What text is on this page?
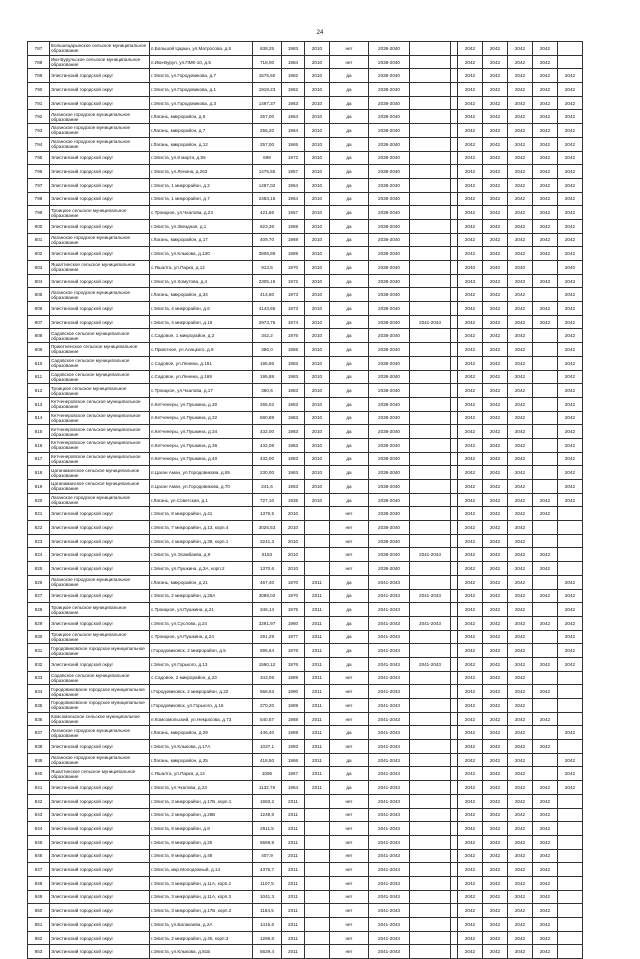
24
787	Большецарынское сельское муниципальное образование	п.Большой Царын, ул.Матросова, д.5	638,25	1983	2010	нет	2038-2040			2042	2042	2042	2042	
788	Ики-Бурульское сельское муниципальное образование	п.Ики-Бурул, ул.ПМК-10, д.5	718,00	1984	2010	нет	2038-2040			2042	2042	2042	2042	
789	Элистинский городской округ	г.Элиста, ул.Городовикова, д.7	1575,60	1982	2010	да	2038-2040			2042	2042	2042	2042	2042
790	Элистинский городской округ	г.Элиста, ул.Городовикова, д.1	1919,23	1962	2010	да	2038-2040			2042	2042	2042	2042	2042
791	Элистинский городской округ	г.Элиста, ул.Городовикова, д.3	1497,37	1963	2010	да	2038-2040			2042	2042	2042	2042	2042
792	Лаганское городское муниципальное образование	г.Лагань, микрорайон, д.6	257,00	1964	2010	да	2038-2040			2042	2042	2042	2042	2042
793	Лаганское городское муниципальное образование	г.Лагань, микрорайон, д.7	256,20	1964	2010	да	2038-2040			2042	2042	2042	2042	2042
794	Лаганское городское муниципальное образование	г.Лагань, микрорайон, д.12	257,00	1965	2010	да	2038-2040			2042	2042	2042	2042	2042
795	Элистинский городской округ	г.Элиста, ул.8 марта, д.55	699	1972	2010	да	2038-2040			2042	2042	2042	2042	2042
796	Элистинский городской округ	г.Элиста, ул.Ленина, д.263	1475,55	1957	2010	да	2038-2040			2042	2042	2042	2042	2042
797	Элистинский городской округ	г.Элиста, 1 микрорайон, д.2	1497,02	1964	2010	да	2038-2040			2042	2042	2042	2042	2042
798	Элистинский городской округ	г.Элиста, 1 микрорайон, д.7	2483,15	1964	2010	да	2038-2040			2042	2042	2042	2042	2042
799	Троицкое сельское муниципальное образование	с.Троицкое, ул.Чкалова, д.23	421,66	1967	2010	да	2038-2040			2042	2042	2042	2042	2042
800	Элистинский городской округ	г.Элиста, ул.Звездная, д.1	623,36	1969	2010	да	2038-2040			2042	2042	2042	2042	2042
801	Лаганское городское муниципальное образование	г.Лагань, микрорайон, д.17	409,70	1969	2010	да	2038-2040			2042	2042	2042	2042	2042
802	Элистинский городской округ	г.Элиста, ул.Клыкова, д.130	3806,89	1969	2010	да	2038-2040			2042	2042	2042	2042	2042
803	Яшалтинское сельское муниципальное образование	с.Яшалта, ул.Парка, д.12	913,5	1970	2010	да	2038-2040			2040	2040	2040		2040
804	Элистинский городской округ	г.Элиста, ул.Хомутова, д.4	2305,16	1972	2010	да	2038-2040			2043	2043	2043	2043	2043
805	Лаганское городское муниципальное образование	г.Лагань, микрорайон, д.34	414,80	1973	2010	да	2038-2040			2042	2042	2042		2042
806	Элистинский городской округ	г.Элиста, 4 микрорайон, д.6	4143,65	1973	2010	да	2038-2040			2042	2042	2042	2042	2042
807	Элистинский городской округ	г.Элиста, 4 микрорайон, д.16	2973,76	1974	2010	да	2038-2040	2041-2043		2042	2042	2042	2042	2042
808	Садовское сельское муниципальное образование	с.Садовое, 1 микрорайон, д.2	342,2	1976	2010	да	2038-2040			2042	2042	2042		2042
809	Приютненское сельское муниципальное образование	с.Приютное, ул.Алацкого, д.9	386,0	1955	2010	да	2038-2040			2042	2042	2042		2042
810	Садовское сельское муниципальное образование	с.Садовое, ул.Ленина, д.161	195,86	1983	2010	да	2038-2040			2042	2042	2042		2042
811	Садовское сельское муниципальное образование	с.Садовое, ул.Ленина, д.169	195,88	1983	2010	да	2038-2040			2042	2042	2042		2042
812	Троицкое сельское муниципальное образование	с.Троицкое, ул.Чкалова, д.17	360,6	1983	2010	да	2038-2040			2042	2042	2042		2042
813	Кетченеровское сельское муниципальное образование	п.Кетченеры, ул.Пушкина, д.30	265,02	1983	2010	да	2038-2040			2042	2042	2042		2042
814	Кетченеровское сельское муниципальное образование	п.Кетченеры, ул.Пушкина, д.32	580,88	1983	2010	да	2038-2040			2042	2042	2042		2042
815	Кетченеровское сельское муниципальное образование	п.Кетченеры, ул.Пушкина, д.34	432,00	1983	2010	да	2038-2040			2042	2042	2042		2042
816	Кетченеровское сельское муниципальное образование	п.Кетченеры, ул.Пушкина, д.36	432,08	1983	2010	да	2038-2040			2042	2042	2042		2042
817	Кетченеровское сельское муниципальное образование	п.Кетченеры, ул.Пушкина, д.40	432,00	1983	2010	да	2038-2040			2042	2042	2042		2042
818	Цаганаманское сельское муниципальное образование	п.Цаган Аман, ул.Городовикова, д.65	230,00	1963	2010	да	2038-2040			2042	2042	2042		2042
819	Цаганаманское сельское муниципальное образование	п.Цаган Аман, ул.Городовикова, д.70	241,6	1963	2010	да	2038-2040			2042	2042	2042		2042
820	Лаганское городское муниципальное образование	г.Лагань, ул.Советская, д.1	727,10	1935	2010	да	2038-2040			2042	2042	2042	2042	2042
821	Элистинский городской округ	г.Элиста, 8 микрорайон, д.41	1376,5	2010		нет	2038-2040			2042	2042	2042	2042	
822	Элистинский городской округ	г.Элиста, 7 микрорайон, д.13, корп.4	3026,53	2010		нет	2038-2040			2042	2042	2042		
823	Элистинский городской округ	г.Элиста, 4 микрорайон, д.39, корп.1	3241,3	2010		нет	2038-2040			2042	2042	2042		
824	Элистинский городской округ	г.Элиста, ул.Эсамбаева, д.9	6153	2010		нет	2038-2040	2041-2043		2042	2042	2042	2042	
825	Элистинский городской округ	г.Элиста, ул.Пушкина, д.3А, корп.2	1370,6	2010		нет	2038-2040			2042	2042	2042	2042	
826	Лаганское городское муниципальное образование	г.Лагань, микрорайон, д.21	467,40	1970	2011	да	2041-2043			2042	2042	2042		2042
827	Элистинский городской округ	г.Элиста, 2 микрорайон, д.25А	3088,02	1970	2011	да	2041-2043	2041-2043		2042	2042	2042	2042	2042
828	Троицкое сельское муниципальное образование	с.Троицкое, ул.Пушкина, д.21	346,14	1975	2011	да	2041-2043			2042	2042	2042		2042
829	Элистинский городской округ	г.Элиста, ул.Суслова, д.24	3291,97	1980	2011	да	2041-2043	2041-2043		2042	2042	2042	2042	2042
830	Троицкое сельское муниципальное образование	с.Троицкое, ул.Пушкина, д.24	291,29	1977	2011	да	2041-2043			2042	2042	2042		2042
831	Городовиковское городское муниципальное образование	г.Городовиковск, 2 микрорайон, д.5	695,64	1976	2011	да	2041-2043			2042	2042	2042		2042
832	Элистинский городской округ	г.Элиста, ул.Горького, д.13	1590,12	1976	2011	да	2041-2043	2041-2043		2042	2042	2042	2042	2042
833	Садовское сельское муниципальное образование	с.Садовое, 2 микрорайон, д.23	343,06	1989	2011	нет	2041-2043			2042	2042	2042		
834	Городовиковское городское муниципальное образование	г.Городовиковск, 2 микрорайон, д.22	568,63	1990	2011	нет	2041-2043			2042	2042	2042	2042	
835	Городовиковское городское муниципальное образование	г.Городовиковск, ул.Горького, д.16	270,20	1989	2011	нет	2041-2043			2042	2042	2042		
836	Комсомольское сельское муниципальное образование	п.Комсомольский, ул.Некрасова, д.73	540,57	1988	2011	нет	2041-2043			2042	2042	2042	2042	
837	Лаганское городское муниципальное образование	г.Лагань, микрорайон, д.29	445,40	1969	2011	да	2041-2043			2042	2042	2042		2042
838	Элистинский городской округ	г.Элиста, ул.Клыкова, д.17А	1037,1	1993	2011	нет	2041-2043			2042	2042	2042	2042	
839	Лаганское городское муниципальное образование	г.Лагань, микрорайон, д.25	418,50	1966	2011	да	2041-2043			2042	2042	2042		2042
840	Яшалтинское сельское муниципальное образование	с.Яшалта, ул.Парка, д.14	1095	1967	2011	да	2041-2043			2042	2042	2042		2042
841	Элистинский городской округ	г.Элиста, ул.Чкалова, д.23	1132,76	1964	2011	да	2041-2043			2042	2042	2042	2042	2042
842	Элистинский городской округ	г.Элиста, 3 микрорайон, д.17Б, корп.1	1693,2	2011		нет	2041-2043			2042	2042	2042	2042	
843	Элистинский городской округ	г.Элиста, 2 микрорайон, д.28Б	1248,6	2011		нет	2041-2043			2042	2042	2042	2042	
844	Элистинский городской округ	г.Элиста, 9 микрорайон, д.8	2611,5	2011		нет	2041-2043			2042	2042	2042	2042	
845	Элистинский городской округ	г.Элиста, 9 микрорайон, д.25	6669,9	2011		нет	2041-2043			2042	2042	2042	2042	
846	Элистинский городской округ	г.Элиста, 9 микрорайон, д.46	407,9	2011		нет	2041-2043			2042	2042	2042	2042	
847	Элистинский городской округ	г.Элиста, мкр.Молодежный, д.14	4376,7	2011		нет	2041-2043			2042	2042	2042	2042	
848	Элистинский городской округ	г.Элиста, 3 микрорайон, д.11А, корп.2	1107,5	2011		нет	2041-2043			2042	2042	2042	2042	
849	Элистинский городской округ	г.Элиста, 3 микрорайон, д.11А, корп.3	1041,3	2011		нет	2041-2043			2042	2042	2042	2042	
850	Элистинский городской округ	г.Элиста, 3 микрорайон, д.17Б, корп.2	1184,5	2011		нет	2041-2043			2042	2042	2042	2042	
851	Элистинский городской округ	г.Элиста, ул.Балакаева, д.2А	1415,6	2011		нет	2041-2043			2042	2042	2042	2042	
852	Элистинский городской округ	г.Элиста, 2 микрорайон, д.40, корп.3	1286,6	2011		нет	2041-2043			2042	2042	2042	2042	
853	Элистинский городской округ	г.Элиста, ул.Клыкова, д.81Б	5629,4	2011		нет	2041-2043			2042	2042	2042	2042	
